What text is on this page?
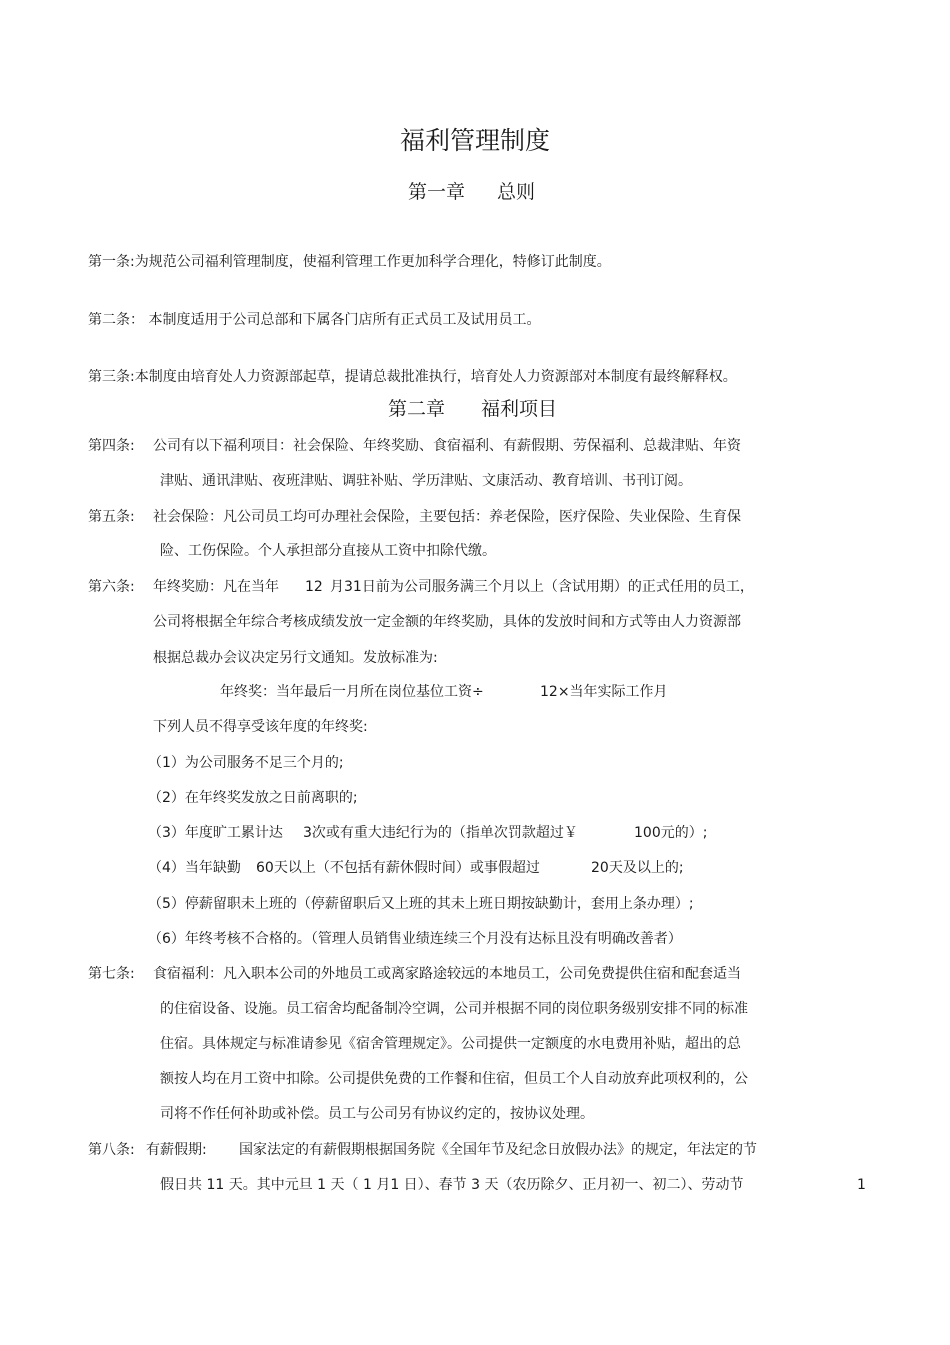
福利管理制度
第一章 总则
第一条 :为规范公司福利管理制度，使福利管理工作更加科学合理化，特修订此制度。
第二条 ： 本制度适用于公司总部和下属各门店所有正式员工及试用员工。
第三条 :本制度由培育处人力资源部起草，提请总裁批准执行，培育处人力资源部对本制度有最终解释权。
第二章 福利项目
第四条: 公司有以下福利项目：社会保险、年终奖励、食宿福利、有薪假期、劳保福利、总裁津贴、年资
津贴、通讯津贴、夜班津贴、调驻补贴、学历津贴、文康活动、教育培训、书刊订阅。
第五条: 社会保险：凡公司员工均可办理社会保险，主要包括：养老保险，医疗保险、失业保险、生育保
险、工伤保险。个人承担部分直接从工资中扣除代缴。
第六条: 年终奖励：凡在当年 12 月31日前为公司服务满三个月以上（含试用期）的正式任用的员工，
公司将根据全年综合考核成绩发放一定金额的年终奖励，具体的发放时间和方式等由人力资源部
根据总裁办会议决定另行文通知。发放标准为:
年终奖：当年最后一月所在岗位基位工资÷	12×当年实际工作月
下列人员不得享受该年度的年终奖:
（1）为公司服务不足三个月的;
（2）在年终奖发放之日前离职的;
（3）年度旷工累计达 3次或有重大违纪行为的（指单次罚款超过￥	100元的）;
（4）当年缺勤 60天以上（不包括有薪休假时间）或事假超过	20天及以上的;
（5）停薪留职未上班的（停薪留职后又上班的其未上班日期按缺勤计，套用上条办理）;
（6）年终考核不合格的。（管理人员销售业绩连续三个月没有达标且没有明确改善者）
第七条: 食宿福利：凡入职本公司的外地员工或离家路途较远的本地员工，公司免费提供住宿和配套适当
的住宿设备、设施。员工宿舍均配备制冷空调，公司并根据不同的岗位职务级别安排不同的标准
住宿。具体规定与标准请参见《宿舍管理规定》。公司提供一定额度的水电费用补贴，超出的总
额按人均在月工资中扣除。公司提供免费的工作餐和住宿，但员工个人自动放弃此项权利的，公
司将不作任何补助或补偿。员工与公司另有协议约定的，按协议处理。
第八条: 有薪假期: 国家法定的有薪假期根据国务院《全国年节及纪念日放假办法》的规定，年法定的节
假日共 11 天。其中元旦 1 天（ 1 月1 日）、春节 3 天（农历除夕、正月初一、初二）、劳动节	1
